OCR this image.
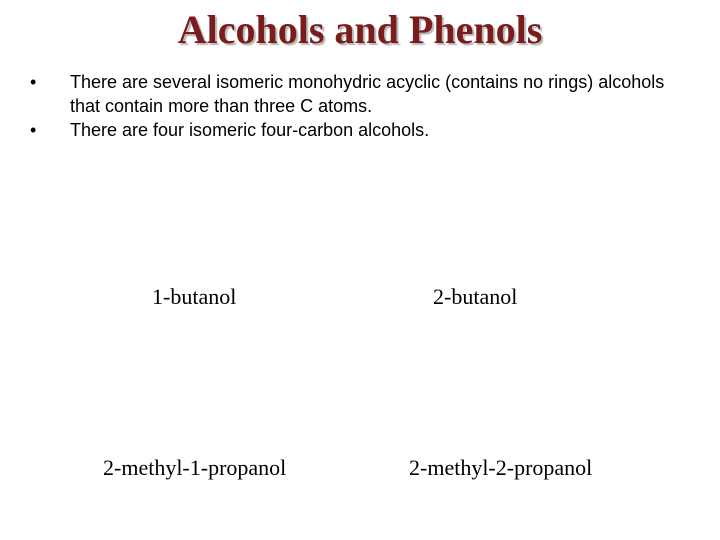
Alcohols and Phenols
•	There are several isomeric monohydric acyclic (contains no rings) alcohols that contain more than three C atoms.
•	There are four isomeric four-carbon alcohols.
1-butanol	2-butanol
2-methyl-1-propanol	2-methyl-2-propanol
